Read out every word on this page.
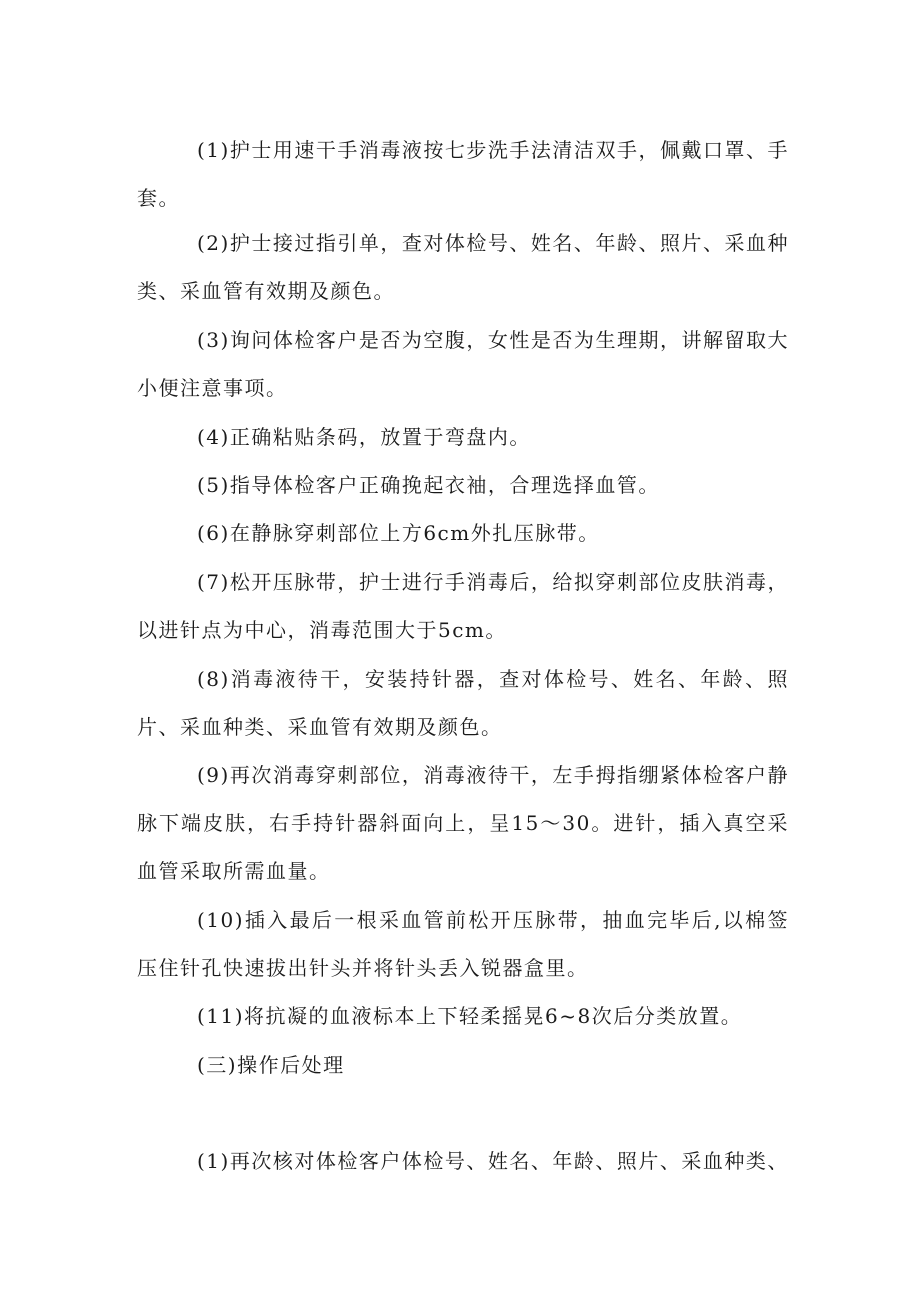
(1)护士用速干手消毒液按七步洗手法清洁双手，佩戴口罩、手套。

(2)护士接过指引单，查对体检号、姓名、年龄、照片、采血种类、采血管有效期及颜色。

(3)询问体检客户是否为空腹，女性是否为生理期，讲解留取大小便注意事项。

(4)正确粘贴条码，放置于弯盘内。

(5)指导体检客户正确挽起衣袖，合理选择血管。

(6)在静脉穿刺部位上方6cm外扎压脉带。

(7)松开压脉带，护士进行手消毒后，给拟穿刺部位皮肤消毒，以进针点为中心，消毒范围大于5cm。

(8)消毒液待干，安装持针器，查对体检号、姓名、年龄、照片、采血种类、采血管有效期及颜色。

(9)再次消毒穿刺部位，消毒液待干，左手拇指绷紧体检客户静脉下端皮肤，右手持针器斜面向上，呈15～30。进针，插入真空采血管采取所需血量。

(10)插入最后一根采血管前松开压脉带，抽血完毕后,以棉签压住针孔快速拔出针头并将针头丢入锐器盒里。

(11)将抗凝的血液标本上下轻柔摇晃6~8次后分类放置。

(三)操作后处理

(1)再次核对体检客户体检号、姓名、年龄、照片、采血种类、
